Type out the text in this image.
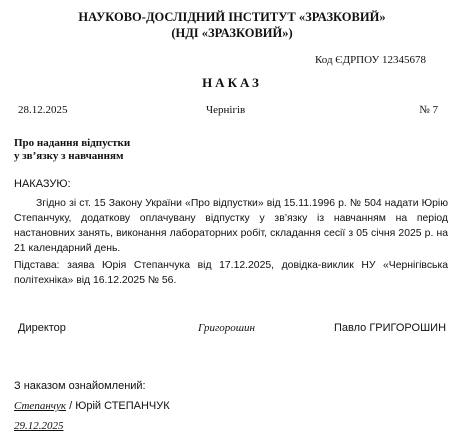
НАУКОВО-ДОСЛІДНИЙ ІНСТИТУТ «ЗРАЗКОВИЙ»
(НДІ «ЗРАЗКОВИЙ»)
Код ЄДРПОУ 12345678
НАКАЗ
28.12.2025	Чернігів	№ 7
Про надання відпустки
у зв’язку з навчанням
НАКАЗУЮ:
Згідно зі ст. 15 Закону України «Про відпустки» від 15.11.1996 р. № 504 надати Юрію Степанчуку, додаткову оплачувану відпустку у зв’язку із навчанням на період настановних занять, виконання лабораторних робіт, складання сесії з 05 січня 2025 р. на 21 календарний день.
Підстава: заява Юрія Степанчука від 17.12.2025, довідка-виклик НУ «Чернігівська політехніка» від 16.12.2025 № 56.
Директор	Григорошин	Павло ГРИГОРОШИН
З наказом ознайомлений:
Степанчук / Юрій СТЕПАНЧУК
29.12.2025
